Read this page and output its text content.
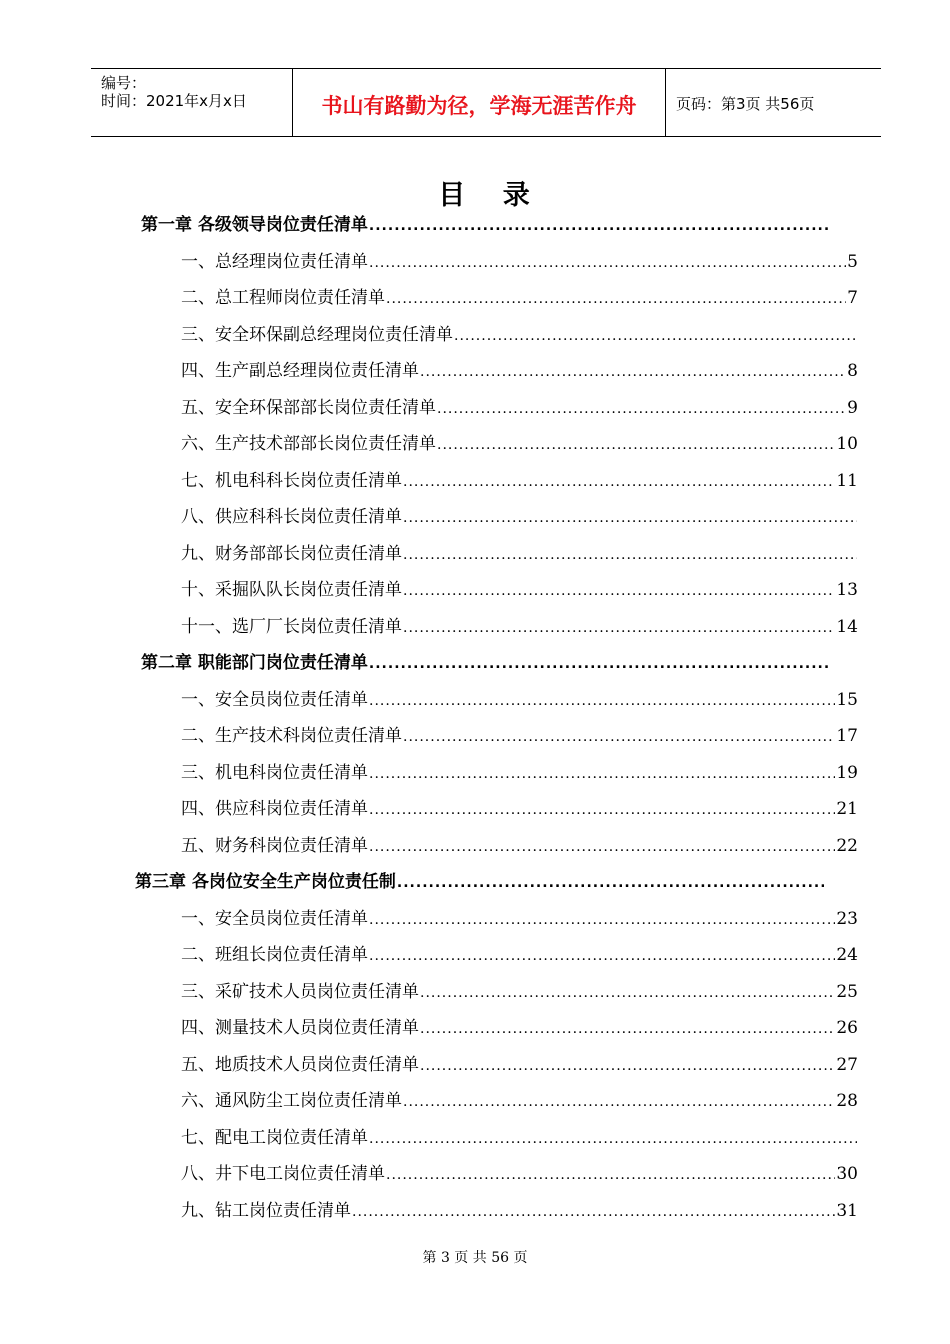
编号：
时间：2021年x月x日	书山有路勤为径，学海无涯苦作舟	页码：第3页 共56页
目 录
第一章 各级领导岗位责任清单
.....
一、总经理岗位责任清单 .....	5
二、总工程师岗位责任清单 .....	7
三、安全环保副总经理岗位责任清单
.....
四、生产副总经理岗位责任清单 .....	8
五、安全环保部部长岗位责任清单 .....	9
六、生产技术部部长岗位责任清单 .....	10
七、机电科科长岗位责任清单 .....	11
八、供应科科长岗位责任清单
.....
九、财务部部长岗位责任清单
.....
十、采掘队队长岗位责任清单 .....	13
十一、选厂厂长岗位责任清单 .....	14
第二章 职能部门岗位责任清单
.....
一、安全员岗位责任清单 .....	15
二、生产技术科岗位责任清单 .....	17
三、机电科岗位责任清单 .....	19
四、供应科岗位责任清单 .....	21
五、财务科岗位责任清单 .....	22
第三章 各岗位安全生产岗位责任制
.....
一、安全员岗位责任清单 .....	23
二、班组长岗位责任清单 .....	24
三、采矿技术人员岗位责任清单 .....	25
四、测量技术人员岗位责任清单 .....	26
五、地质技术人员岗位责任清单 .....	27
六、通风防尘工岗位责任清单 .....	28
七、配电工岗位责任清单
.....
八、井下电工岗位责任清单 .....	30
九、钻工岗位责任清单 .....	31
第 3 页 共 56 页
